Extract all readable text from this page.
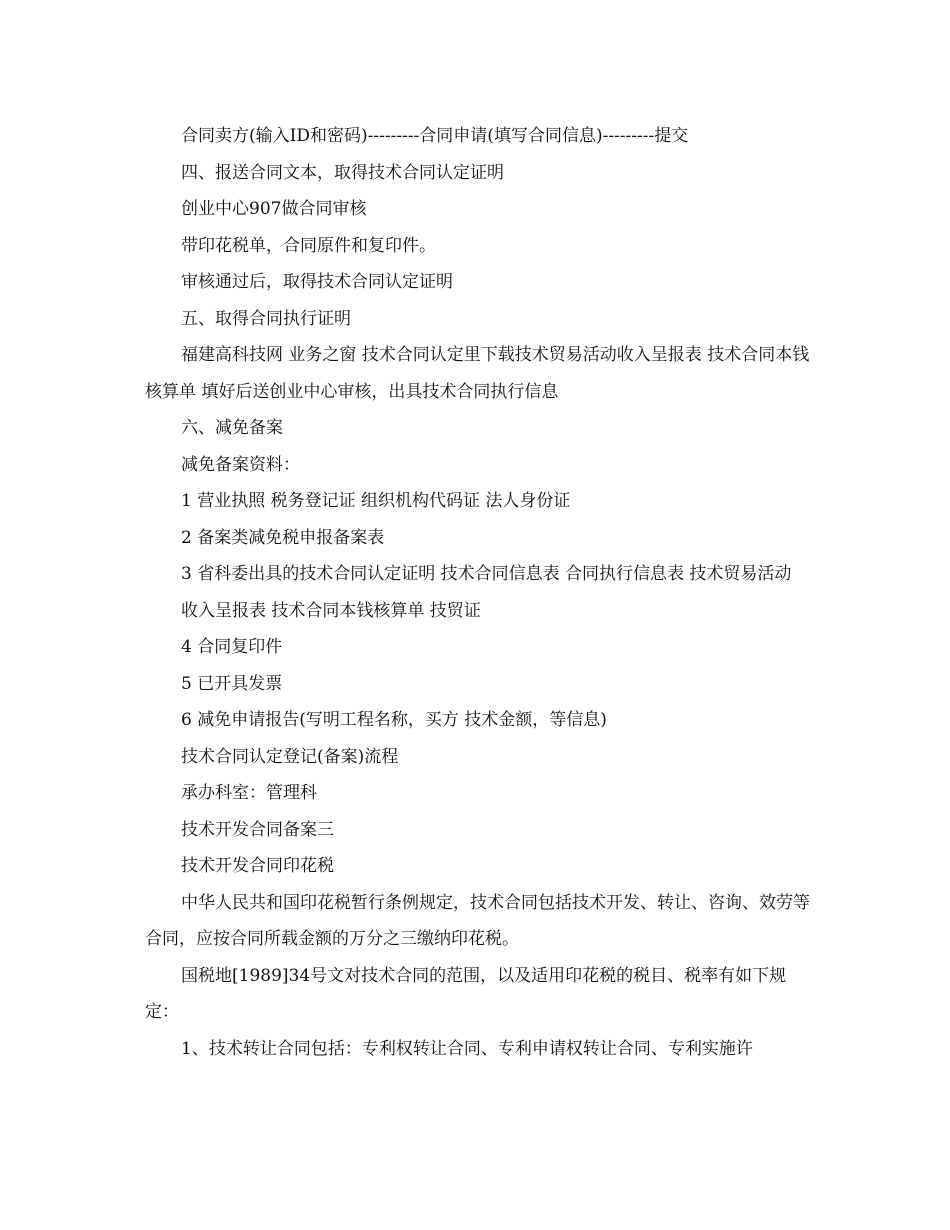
合同卖方(输入ID和密码)---------合同申请(填写合同信息)---------提交

四、报送合同文本，取得技术合同认定证明

创业中心907做合同审核

带印花税单，合同原件和复印件。

审核通过后，取得技术合同认定证明

五、取得合同执行证明

福建高科技网 业务之窗 技术合同认定里下载技术贸易活动收入呈报表 技术合同本钱核算单 填好后送创业中心审核，出具技术合同执行信息

六、减免备案

减免备案资料：

1 营业执照 税务登记证 组织机构代码证 法人身份证

2 备案类减免税申报备案表

3 省科委出具的技术合同认定证明 技术合同信息表 合同执行信息表 技术贸易活动

收入呈报表 技术合同本钱核算单 技贸证

4 合同复印件

5 已开具发票

6 减免申请报告(写明工程名称，买方 技术金额，等信息)

技术合同认定登记(备案)流程

承办科室：管理科

技术开发合同备案三

技术开发合同印花税

中华人民共和国印花税暂行条例规定，技术合同包括技术开发、转让、咨询、效劳等合同，应按合同所载金额的万分之三缴纳印花税。

国税地[1989]34号文对技术合同的范围，以及适用印花税的税目、税率有如下规定：

1、技术转让合同包括：专利权转让合同、专利申请权转让合同、专利实施许
